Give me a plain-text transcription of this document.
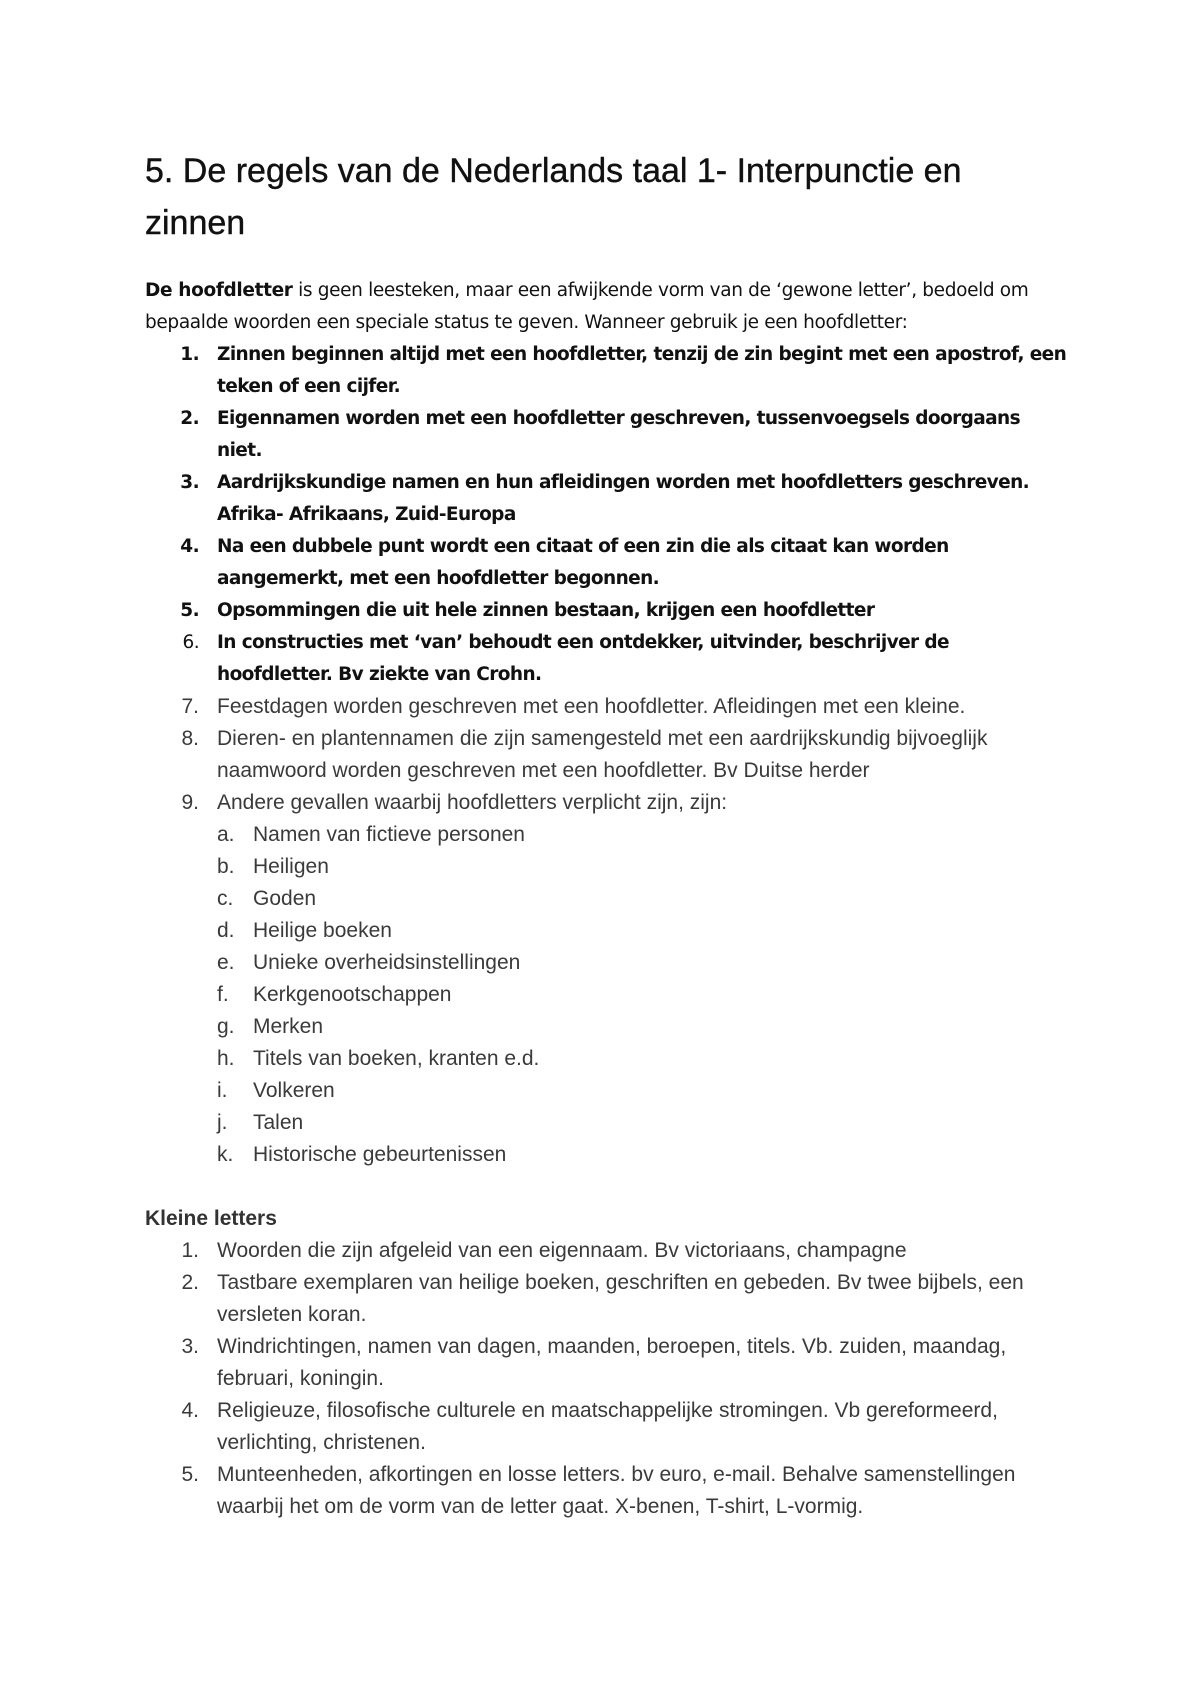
5. De regels van de Nederlands taal 1- Interpunctie en zinnen

De hoofdletter is geen leesteken, maar een afwijkende vorm van de ‘gewone letter’, bedoeld om bepaalde woorden een speciale status te geven. Wanneer gebruik je een hoofdletter:

1. Zinnen beginnen altijd met een hoofdletter, tenzij de zin begint met een apostrof, een teken of een cijfer.
2. Eigennamen worden met een hoofdletter geschreven, tussenvoegsels doorgaans niet.
3. Aardrijkskundige namen en hun afleidingen worden met hoofdletters geschreven.
Afrika- Afrikaans, Zuid-Europa
4. Na een dubbele punt wordt een citaat of een zin die als citaat kan worden aangemerkt, met een hoofdletter begonnen.
5. Opsommingen die uit hele zinnen bestaan, krijgen een hoofdletter
6. In constructies met ‘van’ behoudt een ontdekker, uitvinder, beschrijver de hoofdletter. Bv ziekte van Crohn.
7. Feestdagen worden geschreven met een hoofdletter. Afleidingen met een kleine.
8. Dieren- en plantennamen die zijn samengesteld met een aardrijkskundig bijvoeglijk naamwoord worden geschreven met een hoofdletter. Bv Duitse herder
9. Andere gevallen waarbij hoofdletters verplicht zijn, zijn:
a. Namen van fictieve personen
b. Heiligen
c. Goden
d. Heilige boeken
e. Unieke overheidsinstellingen
f.	Kerkgenootschappen
g. Merken
h. Titels van boeken, kranten e.d.
i.	Volkeren
j.	Talen
k. Historische gebeurtenissen
Kleine letters
1. Woorden die zijn afgeleid van een eigennaam. Bv victoriaans, champagne
2. Tastbare exemplaren van heilige boeken, geschriften en gebeden. Bv twee bijbels, een versleten koran.
3. Windrichtingen, namen van dagen, maanden, beroepen, titels. Vb. zuiden, maandag, februari, koningin.
4. Religieuze, filosofische culturele en maatschappelijke stromingen. Vb gereformeerd, verlichting, christenen.
5. Munteenheden, afkortingen en losse letters. bv euro, e-mail. Behalve samenstellingen waarbij het om de vorm van de letter gaat. X-benen, T-shirt, L-vormig.
